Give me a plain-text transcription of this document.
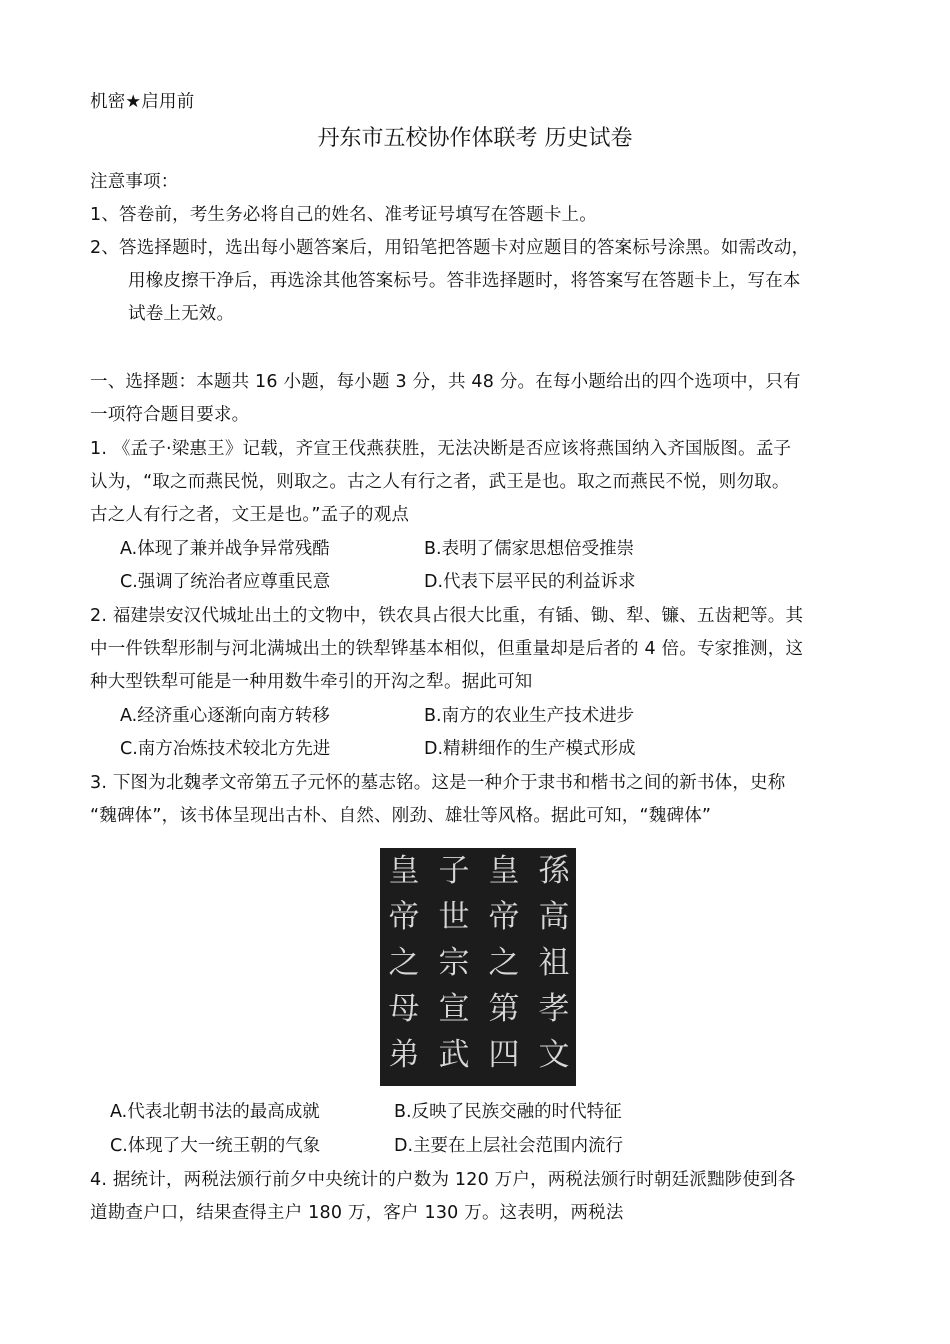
机密★启用前
丹东市五校协作体联考 历史试卷
注意事项：
1、答卷前，考生务必将自己的姓名、准考证号填写在答题卡上。
2、答选择题时，选出每小题答案后，用铅笔把答题卡对应题目的答案标号涂黑。如需改动，
用橡皮擦干净后，再选涂其他答案标号。答非选择题时，将答案写在答题卡上，写在本
试卷上无效。
一、选择题：本题共 16 小题，每小题 3 分，共 48 分。在每小题给出的四个选项中，只有
一项符合题目要求。
1. 《孟子·梁惠王》记载，齐宣王伐燕获胜，无法决断是否应该将燕国纳入齐国版图。孟子
认为，“取之而燕民悦，则取之。古之人有行之者，武王是也。取之而燕民不悦，则勿取。
古之人有行之者，文王是也。”孟子的观点
A.体现了兼并战争异常残酷	B.表明了儒家思想倍受推崇
C.强调了统治者应尊重民意	D.代表下层平民的利益诉求
2. 福建崇安汉代城址出土的文物中，铁农具占很大比重，有锸、锄、犁、镰、五齿耙等。其
中一件铁犁形制与河北满城出土的铁犁铧基本相似，但重量却是后者的 4 倍。专家推测，这
种大型铁犁可能是一种用数牛牵引的开沟之犁。据此可知
A.经济重心逐渐向南方转移	B.南方的农业生产技术进步
C.南方冶炼技术较北方先进	D.精耕细作的生产模式形成
3. 下图为北魏孝文帝第五子元怀的墓志铭。这是一种介于隶书和楷书之间的新书体，史称
“魏碑体”，该书体呈现出古朴、自然、刚劲、雄壮等风格。据此可知，“魏碑体”
孫
高
祖
孝
文
皇
帝
之
第
四
子
世
宗
宣
武
皇
帝
之
母
弟
A.代表北朝书法的最高成就	B.反映了民族交融的时代特征
C.体现了大一统王朝的气象	D.主要在上层社会范围内流行
4. 据统计，两税法颁行前夕中央统计的户数为 120 万户，两税法颁行时朝廷派黜陟使到各
道勘查户口，结果查得主户 180 万，客户 130 万。这表明，两税法
